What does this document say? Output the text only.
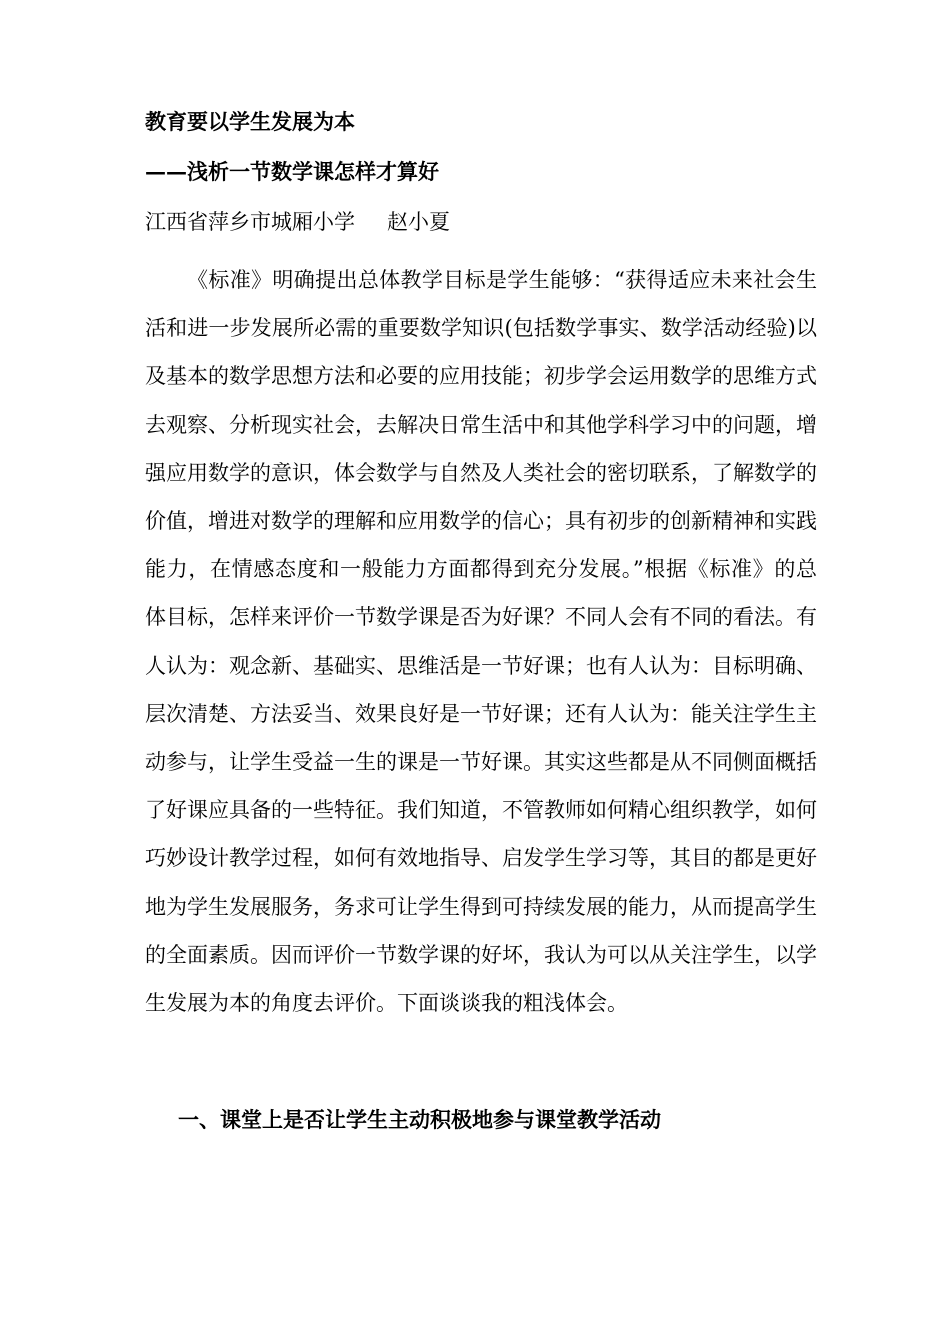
教育要以学生发展为本
——浅析一节数学课怎样才算好
江西省萍乡市城厢小学 赵小夏

《标准》明确提出总体教学目标是学生能够：“获得适应未来社会生活和进一步发展所必需的重要数学知识(包括数学事实、数学活动经验)以及基本的数学思想方法和必要的应用技能；初步学会运用数学的思维方式去观察、分析现实社会，去解决日常生活中和其他学科学习中的问题，增强应用数学的意识，体会数学与自然及人类社会的密切联系，了解数学的价值，增进对数学的理解和应用数学的信心；具有初步的创新精神和实践能力，在情感态度和一般能力方面都得到充分发展。”根据《标准》的总体目标，怎样来评价一节数学课是否为好课？不同人会有不同的看法。有人认为：观念新、基础实、思维活是一节好课；也有人认为：目标明确、层次清楚、方法妥当、效果良好是一节好课；还有人认为：能关注学生主动参与，让学生受益一生的课是一节好课。其实这些都是从不同侧面概括了好课应具备的一些特征。我们知道，不管教师如何精心组织教学，如何巧妙设计教学过程，如何有效地指导、启发学生学习等，其目的都是更好地为学生发展服务，务求可让学生得到可持续发展的能力，从而提高学生的全面素质。因而评价一节数学课的好坏，我认为可以从关注学生，以学生发展为本的角度去评价。下面谈谈我的粗浅体会。

一、课堂上是否让学生主动积极地参与课堂教学活动
